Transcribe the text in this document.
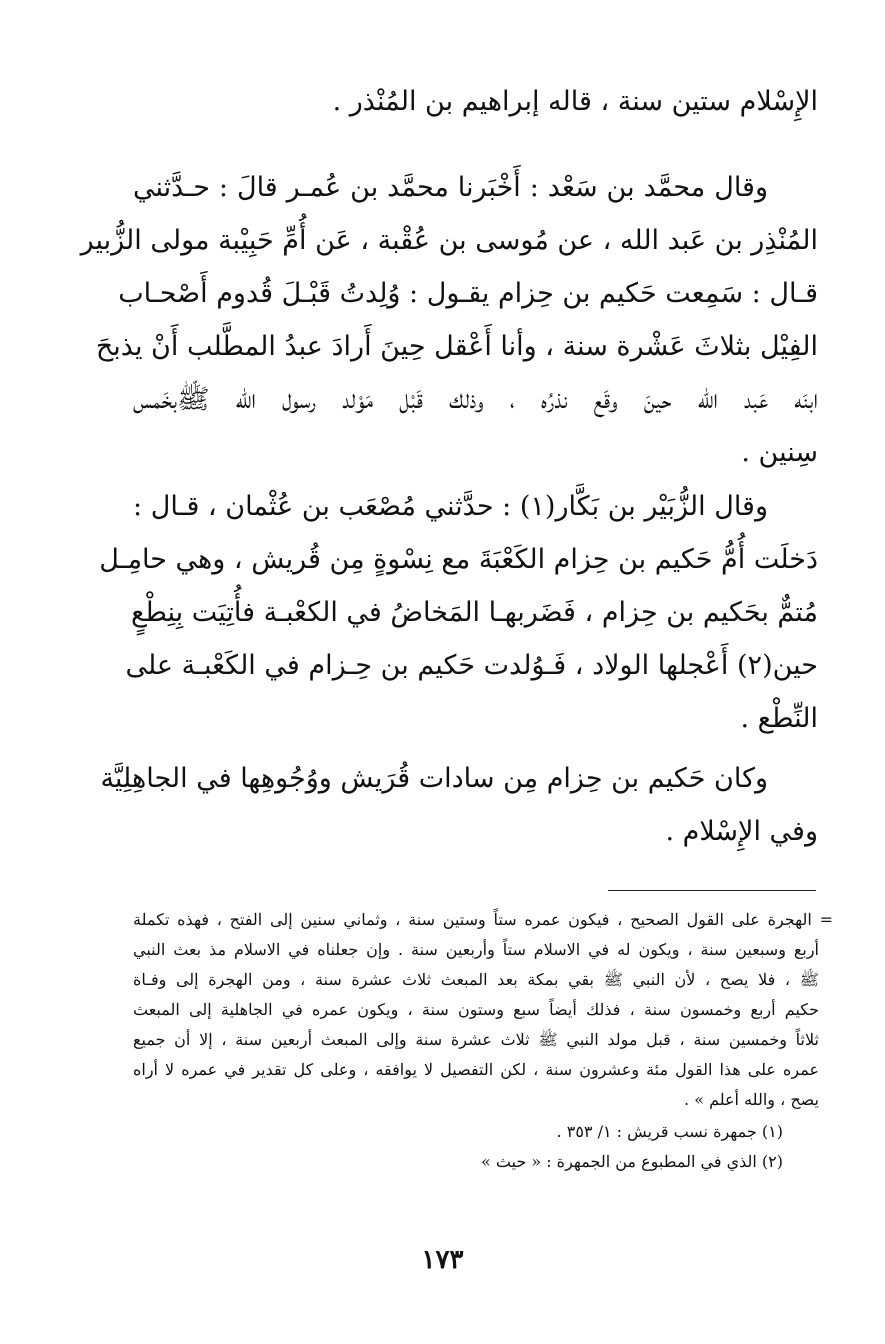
الإِسْلام ستين سنة ، قاله إبراهيم بن المُنْذر .
وقال محمَّد بن سَعْد : أَخْبَرنا محمَّد بن عُمـر قالَ : حـدَّثني
المُنْذِر بن عَبد الله ، عن مُوسى بن عُقْبة ، عَن أُمِّ حَبِيْبة مولى الزُّبير
قـال : سَمِعت حَكيم بن حِزام يقـول : وُلِدتُ قَبْـلَ قُدوم أَصْحـاب
الفِيْل بثلاثَ عَشْرة سنة ، وأنا أَعْقل حِينَ أَرادَ عبدُ المطَّلب أَنْ يذبحَ
ابنَه عَبد الله حينَ وقَع نذرُه ، وذلك قَبْل مَوْلد رسول الله ﷺبخَمس
سِنين .
وقال الزُّبَيْر بن بَكَّار(١) : حدَّثني مُصْعَب بن عُثْمان ، قـال :
دَخلَت أُمُّ حَكيم بن حِزام الكَعْبَةَ مع نِسْوةٍ مِن قُريش ، وهي حامِـل
مُتمٌّ بحَكيم بن حِزام ، فَضَربهـا المَخاضُ في الكعْبـة فأُتِيَت بِنِطْعٍ
حين(٢) أَعْجلها الولاد ، فَـوُلدت حَكيم بن حِـزام في الكَعْبـة على
النِّطْع .
وكان حَكيم بن حِزام مِن سادات قُرَيش ووُجُوهِها في الجاهِلِيَّة
وفي الإِسْلام .
= الهجرة على القول الصحيح ، فيكون عمره ستاً وستين سنة ، وثماني سنين إلى الفتح ، فهذه تكملة
أربع وسبعين سنة ، ويكون له في الاسلام ستاً وأربعين سنة . وإن جعلناه في الاسلام مذ بعث النبي
ﷺ ، فلا يصح ، لأن النبي ﷺ بقي بمكة بعد المبعث ثلاث عشرة سنة ، ومن الهجرة إلى وفـاة
حكيم أربع وخمسون سنة ، فذلك أيضاً سبع وستون سنة ، ويكون عمره في الجاهلية إلى المبعث
ثلاثاً وخمسين سنة ، قبل مولد النبي ﷺ ثلاث عشرة سنة وإلى المبعث أربعين سنة ، إلا أن جميع
عمره على هذا القول مئة وعشرون سنة ، لكن التفصيل لا يوافقه ، وعلى كل تقدير في عمره لا أراه
يصح ، والله أعلم » .
(١) جمهرة نسب قريش : ١/ ٣٥٣ .
(٢) الذي في المطبوع من الجمهرة : « حيث »
١٧٣
